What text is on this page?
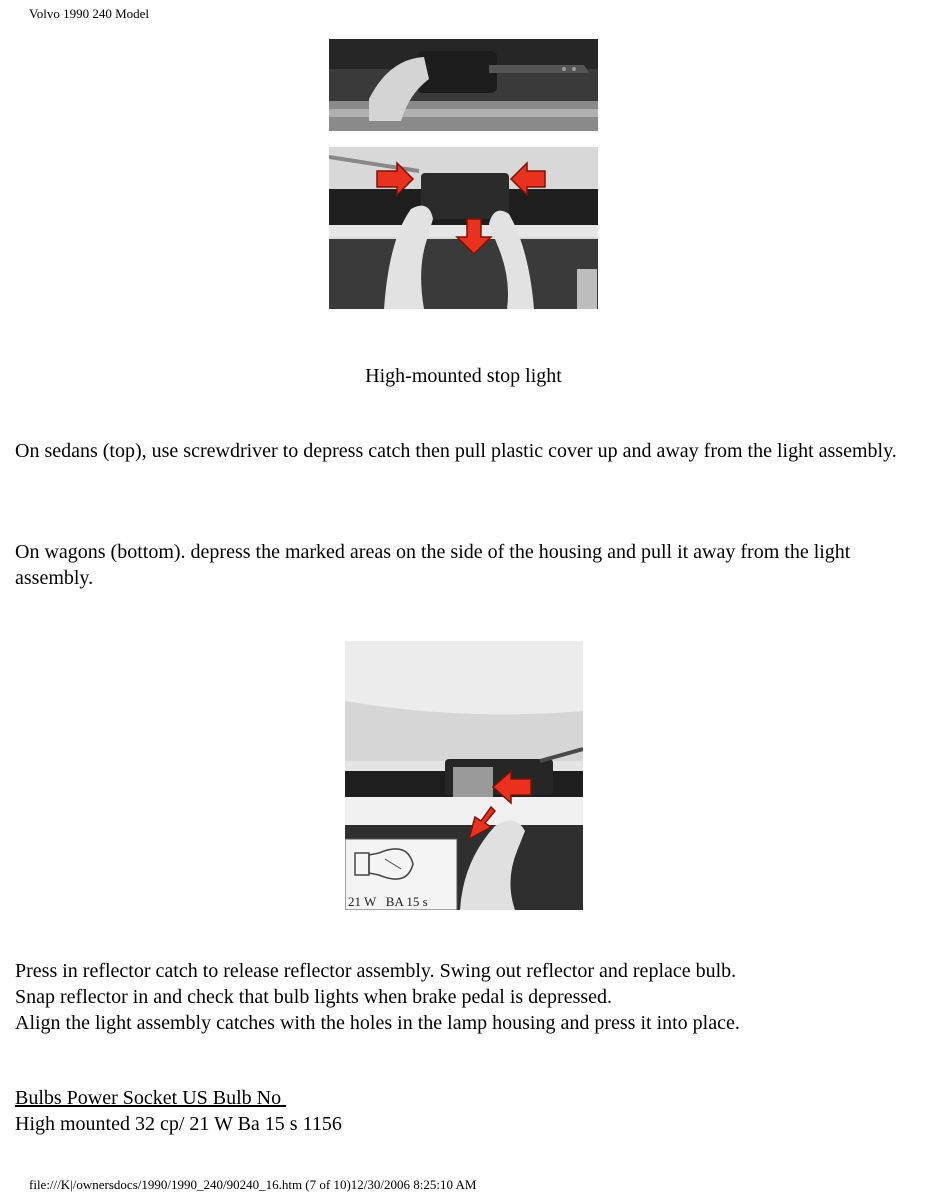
Volvo 1990 240 Model
High-mounted stop light
On sedans (top), use screwdriver to depress catch then pull plastic cover up and away from the light assembly.
On wagons (bottom). depress the marked areas on the side of the housing and pull it away from the light assembly.
21 W   BA 15 s
Press in reflector catch to release reflector assembly. Swing out reflector and replace bulb.
Snap reflector in and check that bulb lights when brake pedal is depressed.
Align the light assembly catches with the holes in the lamp housing and press it into place.
Bulbs Power Socket US Bulb No
High mounted 32 cp/ 21 W Ba 15 s 1156
file:///K|/ownersdocs/1990/1990_240/90240_16.htm (7 of 10)12/30/2006 8:25:10 AM
